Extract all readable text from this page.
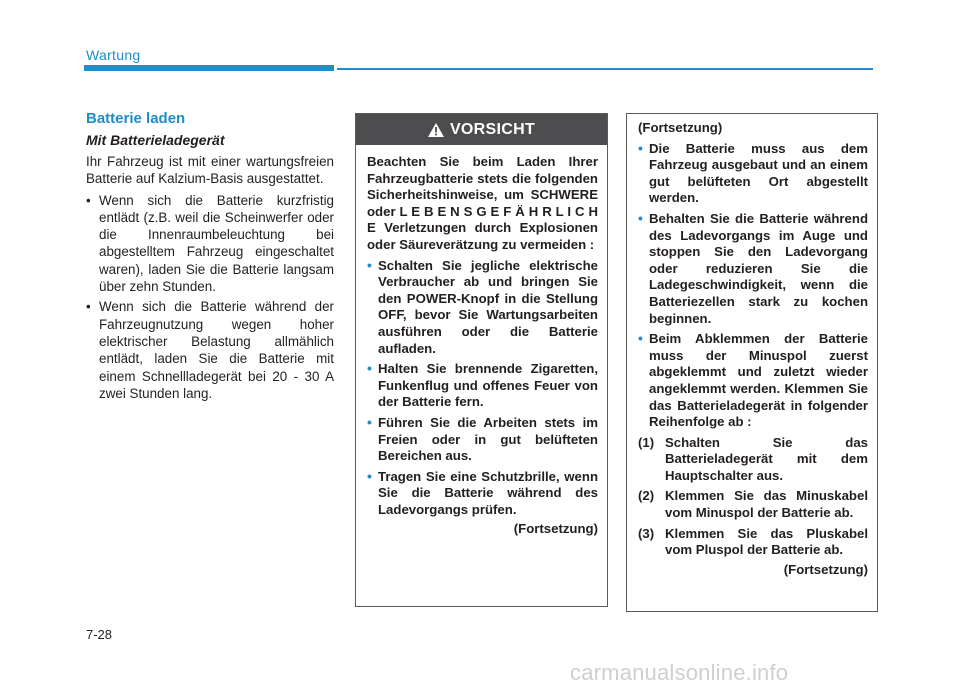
Wartung
Batterie laden
Mit Batterieladegerät

Ihr Fahrzeug ist mit einer wartungsfreien Batterie auf Kalzium-Basis ausgestattet.

• Wenn sich die Batterie kurzfristig entlädt (z.B. weil die Scheinwerfer oder die Innenraumbeleuchtung bei abgestelltem Fahrzeug eingeschaltet waren), laden Sie die Batterie langsam über zehn Stunden.
• Wenn sich die Batterie während der Fahrzeugnutzung wegen hoher elektrischer Belastung allmählich entlädt, laden Sie die Batterie mit einem Schnellladegerät bei 20 - 30 A zwei Stunden lang.
VORSICHT

Beachten Sie beim Laden Ihrer Fahrzeugbatterie stets die folgenden Sicherheitshinweise, um SCHWERE oder L E B E N S G E F Ä H R L I C H E Verletzungen durch Explosionen oder Säureverätzung zu vermeiden :

• Schalten Sie jegliche elektrische Verbraucher ab und bringen Sie den POWER-Knopf in die Stellung OFF, bevor Sie Wartungsarbeiten ausführen oder die Batterie aufladen.
• Halten Sie brennende Zigaretten, Funkenflug und offenes Feuer von der Batterie fern.
• Führen Sie die Arbeiten stets im Freien oder in gut belüfteten Bereichen aus.
• Tragen Sie eine Schutzbrille, wenn Sie die Batterie während des Ladevorgangs prüfen.
(Fortsetzung)

(Fortsetzung)

• Die Batterie muss aus dem Fahrzeug ausgebaut und an einem gut belüfteten Ort abgestellt werden.
• Behalten Sie die Batterie während des Ladevorgangs im Auge und stoppen Sie den Ladevorgang oder reduzieren Sie die Ladegeschwindigkeit, wenn die Batteriezellen stark zu kochen beginnen.
• Beim Abklemmen der Batterie muss der Minuspol zuerst abgeklemmt und zuletzt wieder angeklemmt werden. Klemmen Sie das Batterieladegerät in folgender Reihenfolge ab :
(1) Schalten Sie das Batterieladegerät mit dem Hauptschalter aus.
(2) Klemmen Sie das Minuskabel vom Minuspol der Batterie ab.
(3) Klemmen Sie das Pluskabel vom Pluspol der Batterie ab.
(Fortsetzung)
7-28
carmanualsonline.info
